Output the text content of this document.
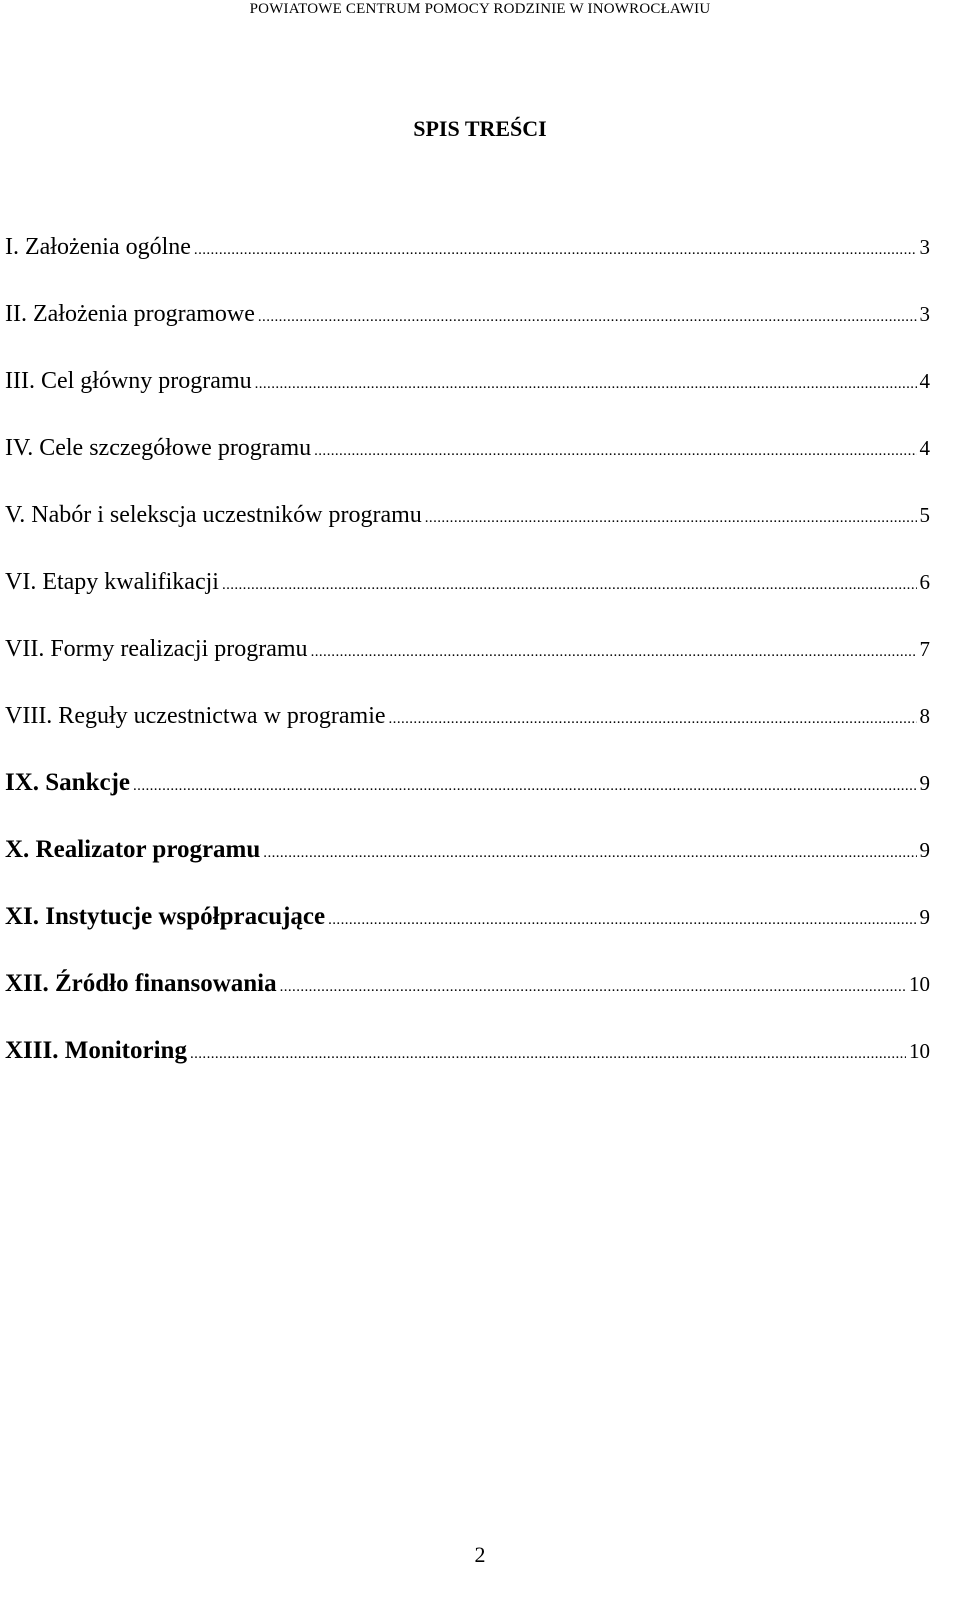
POWIATOWE CENTRUM POMOCY RODZINIE W INOWROCŁAWIU
SPIS TREŚCI
I. Założenia ogólne .....	3
II. Założenia programowe .....	3
III. Cel główny programu .....	4
IV. Cele szczegółowe programu .....	4
V. Nabór i selekscja uczestników programu .....	5
VI. Etapy kwalifikacji .....	6
VII. Formy realizacji programu .....	7
VIII. Reguły uczestnictwa w programie .....	8
IX. Sankcje .....	9
X. Realizator programu .....	9
XI. Instytucje współpracujące .....	9
XII. Źródło finansowania .....	10
XIII. Monitoring .....	10
2
